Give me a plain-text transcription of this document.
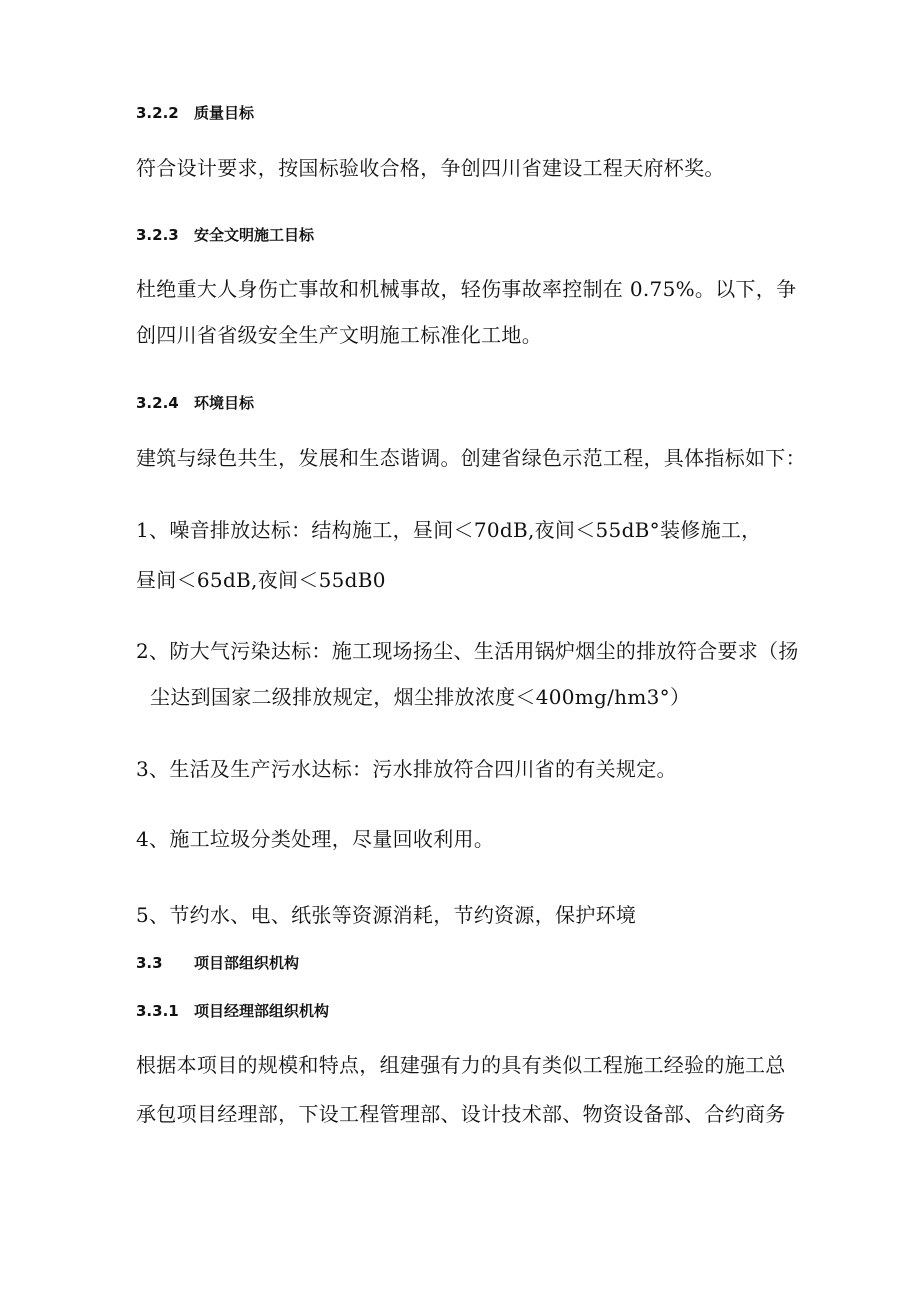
3.2.2 质量目标
符合设计要求，按国标验收合格，争创四川省建设工程天府杯奖。
3.2.3 安全文明施工目标
杜绝重大人身伤亡事故和机械事故，轻伤事故率控制在 0.75%。以下，争
创四川省省级安全生产文明施工标准化工地。
3.2.4 环境目标
建筑与绿色共生，发展和生态谐调。创建省绿色示范工程，具体指标如下：
1、噪音排放达标：结构施工，昼间＜70dB,夜间＜55dB°装修施工，
昼间＜65dB,夜间＜55dB0
2、防大气污染达标：施工现场扬尘、生活用锅炉烟尘的排放符合要求（扬
尘达到国家二级排放规定，烟尘排放浓度＜400mg∕hm3°）
3、生活及生产污水达标：污水排放符合四川省的有关规定。
4、施工垃圾分类处理，尽量回收利用。
5、节约水、电、纸张等资源消耗，节约资源，保护环境
3.3 项目部组织机构
3.3.1 项目经理部组织机构
根据本项目的规模和特点，组建强有力的具有类似工程施工经验的施工总
承包项目经理部，下设工程管理部、设计技术部、物资设备部、合约商务
